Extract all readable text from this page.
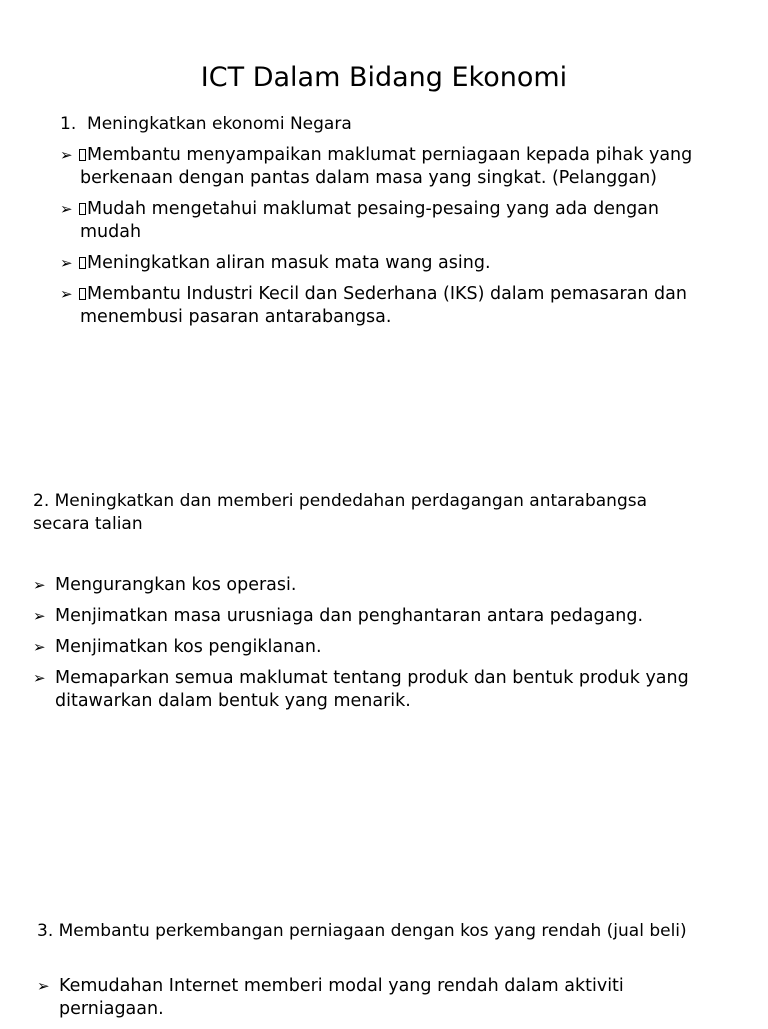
ICT Dalam Bidang Ekonomi
1.  Meningkatkan ekonomi Negara
➢ Membantu menyampaikan maklumat perniagaan kepada pihak yang berkenaan dengan pantas dalam masa yang singkat. (Pelanggan)
➢ Mudah mengetahui maklumat pesaing-pesaing yang ada dengan mudah
➢ Meningkatkan aliran masuk mata wang asing.
➢ Membantu Industri Kecil dan Sederhana (IKS) dalam pemasaran dan menembusi pasaran antarabangsa.
2. Meningkatkan dan memberi pendedahan perdagangan antarabangsa secara talian
➢ Mengurangkan kos operasi.
➢ Menjimatkan masa urusniaga dan penghantaran antara pedagang.
➢ Menjimatkan kos pengiklanan.
➢ Memaparkan semua maklumat tentang produk dan bentuk produk yang ditawarkan dalam bentuk yang menarik.
3. Membantu perkembangan perniagaan dengan kos yang rendah (jual beli)
➢ Kemudahan Internet memberi modal yang rendah dalam aktiviti perniagaan.
